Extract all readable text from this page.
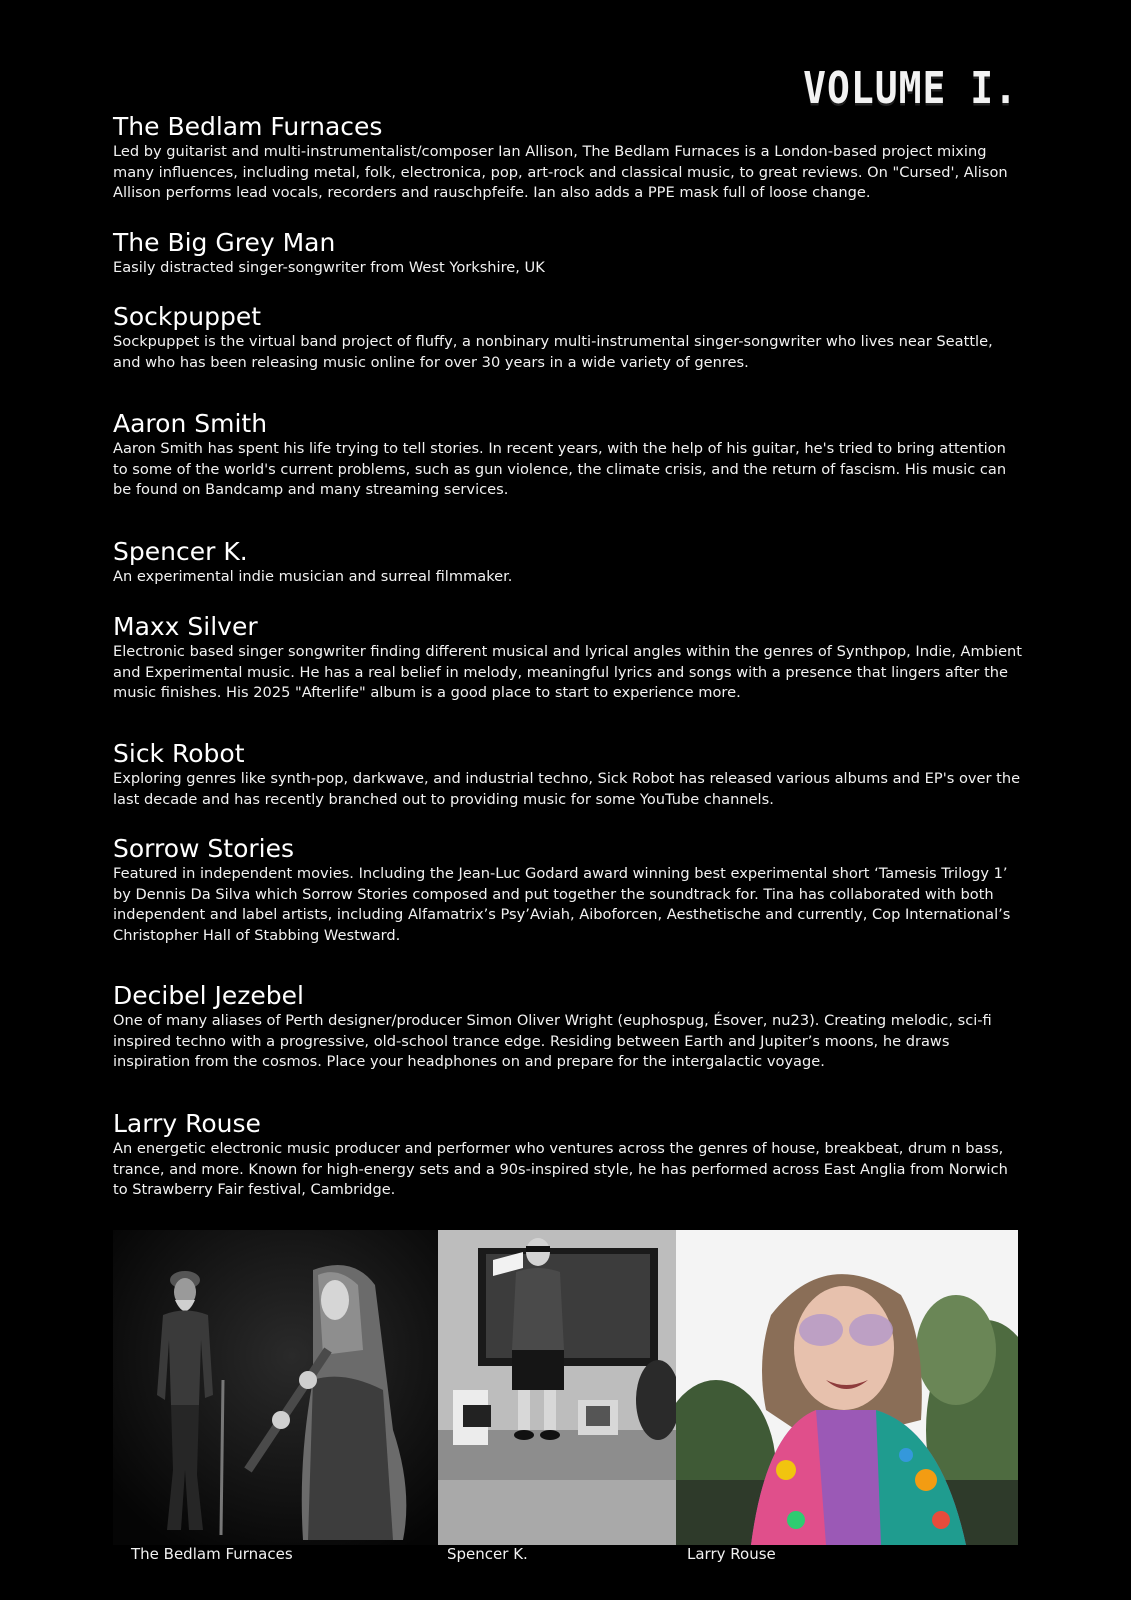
VOLUME I.
The Bedlam Furnaces

Led by guitarist and multi-instrumentalist/composer Ian Allison, The Bedlam Furnaces is a London-based project mixing many influences, including metal, folk, electronica, pop, art-rock and classical music, to great reviews. On "Cursed', Alison Allison performs lead vocals, recorders and rauschpfeife. Ian also adds a PPE mask full of loose change.

The Big Grey Man

Easily distracted singer-songwriter from West Yorkshire, UK

Sockpuppet

Sockpuppet is the virtual band project of fluffy, a nonbinary multi-instrumental singer-songwriter who lives near Seattle, and who has been releasing music online for over 30 years in a wide variety of genres.

Aaron Smith

Aaron Smith has spent his life trying to tell stories. In recent years, with the help of his guitar, he's tried to bring attention to some of the world's current problems, such as gun violence, the climate crisis, and the return of fascism. His music can be found on Bandcamp and many streaming services.

Spencer K.

An experimental indie musician and surreal filmmaker.

Maxx Silver

Electronic based singer songwriter finding different musical and lyrical angles within the genres of Synthpop, Indie, Ambient and Experimental music. He has a real belief in melody, meaningful lyrics and songs with a presence that lingers after the music finishes. His 2025 "Afterlife" album is a good place to start to experience more.

Sick Robot

Exploring genres like synth-pop, darkwave, and industrial techno, Sick Robot has released various albums and EP's over the last decade and has recently branched out to providing music for some YouTube channels.

Sorrow Stories

Featured in independent movies. Including the Jean-Luc Godard award winning best experimental short ‘Tamesis Trilogy 1’ by Dennis Da Silva which Sorrow Stories composed and put together the soundtrack for. Tina has collaborated with both independent and label artists, including Alfamatrix’s Psy’Aviah, Aiboforcen, Aesthetische and currently, Cop International’s Christopher Hall of Stabbing Westward.

Decibel Jezebel

One of many aliases of Perth designer/producer Simon Oliver Wright (euphospug, Ésover, nu23). Creating melodic, sci-fi inspired techno with a progressive, old-school trance edge. Residing between Earth and Jupiter’s moons, he draws inspiration from the cosmos. Place your headphones on and prepare for the intergalactic voyage.

Larry Rouse

An energetic electronic music producer and performer who ventures across the genres of house, breakbeat, drum n bass, trance, and more. Known for high-energy sets and a 90s-inspired style, he has performed across East Anglia from Norwich to Strawberry Fair festival, Cambridge.

The Bedlam Furnaces	Spencer K.	Larry Rouse
